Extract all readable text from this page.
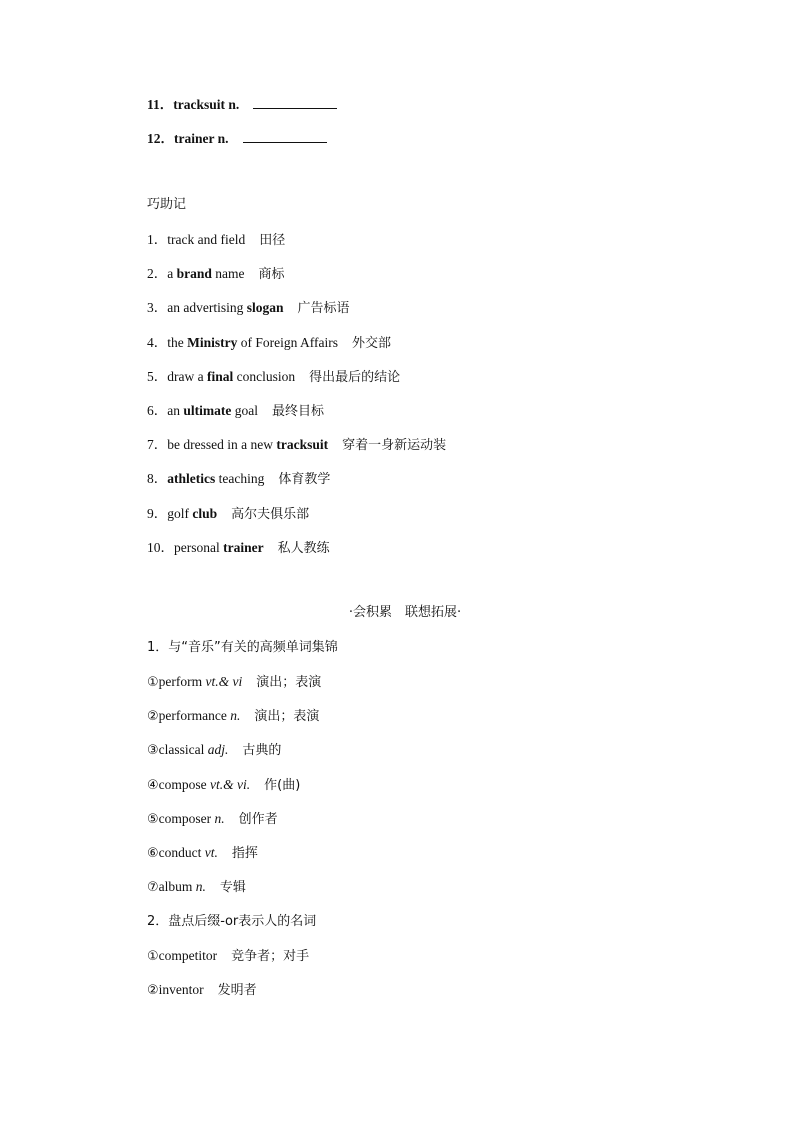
11．tracksuit n.
12．trainer n.
巧助记
1．track and field 田径
2．a brand name 商标
3．an advertising slogan 广告标语
4．the Ministry of Foreign Affairs 外交部
5．draw a final conclusion 得出最后的结论
6．an ultimate goal 最终目标
7．be dressed in a new tracksuit 穿着一身新运动装
8．athletics teaching 体育教学
9．golf club 高尔夫俱乐部
10．personal trainer 私人教练
·会积累　联想拓展·
1．与“音乐”有关的高频单词集锦
①perform vt.& vi 演出；表演
②performance n. 演出；表演
③classical adj. 古典的
④compose vt.& vi. 作(曲)
⑤composer n. 创作者
⑥conduct vt. 指挥
⑦album n. 专辑
2．盘点后缀-or表示人的名词
①competitor 竞争者；对手
②inventor 发明者
